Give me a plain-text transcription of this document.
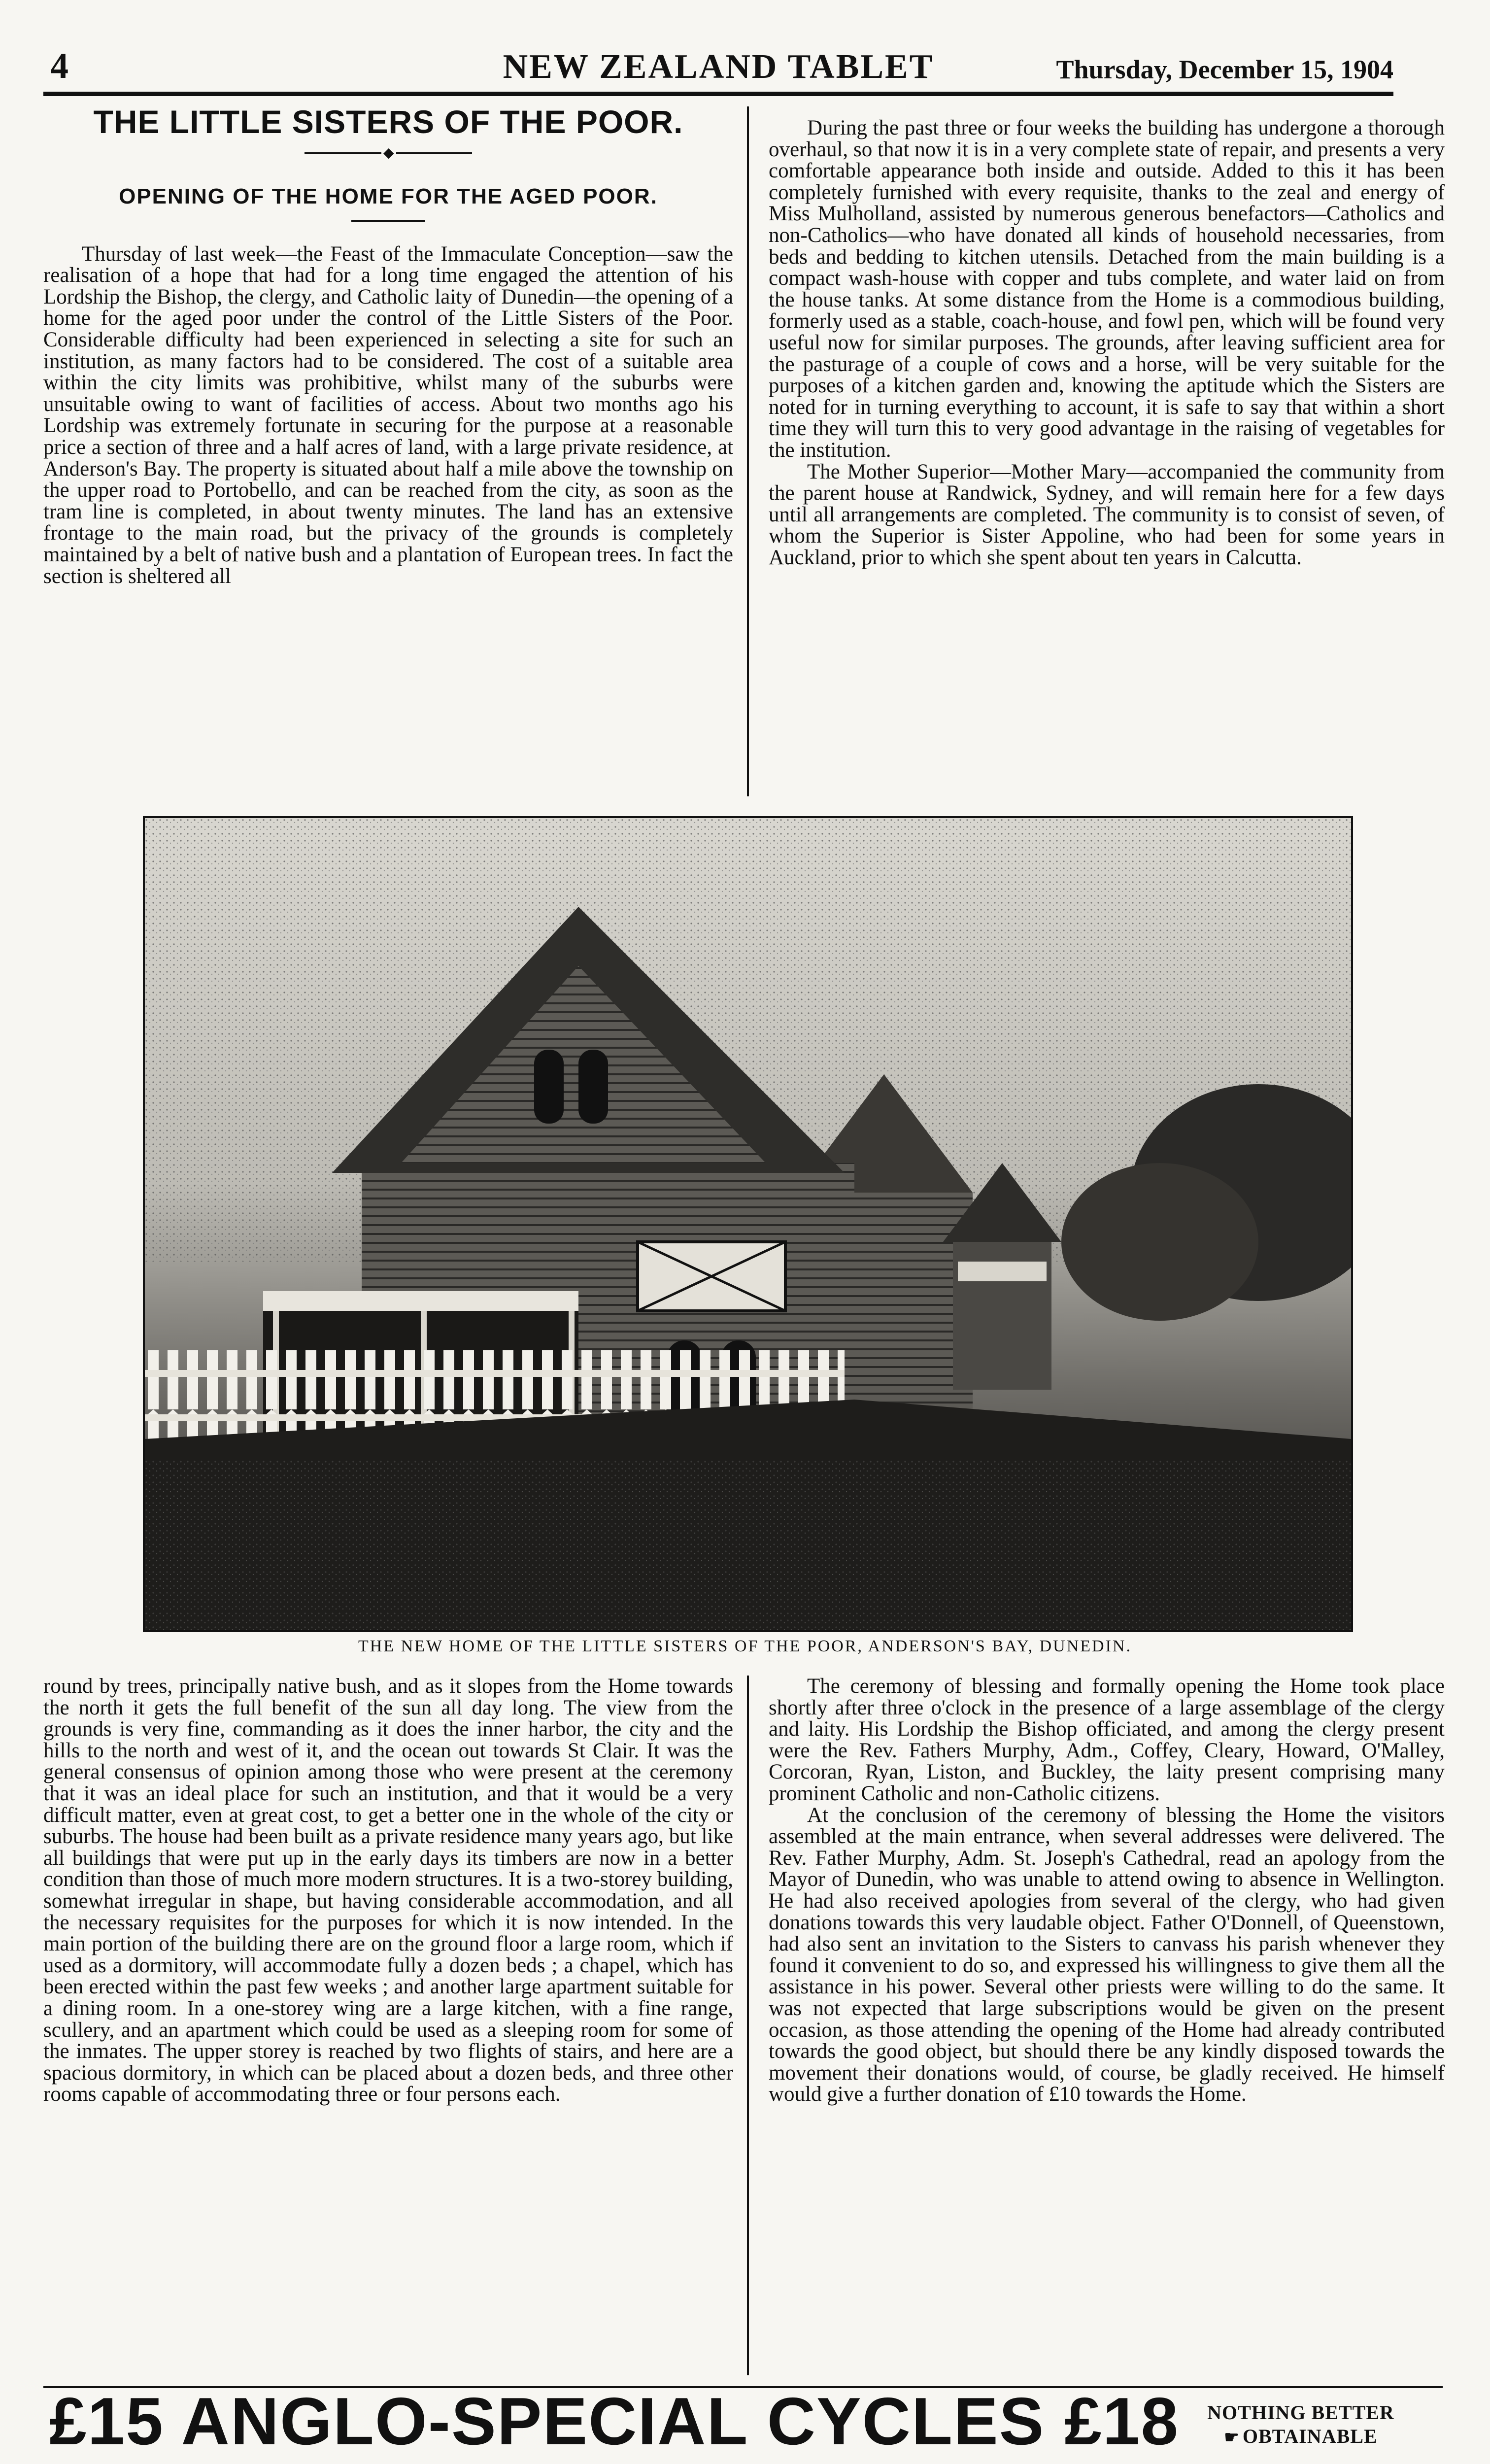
4	NEW ZEALAND TABLET	Thursday, December 15, 1904
THE LITTLE SISTERS OF THE POOR.
◆
OPENING OF THE HOME FOR THE AGED POOR.

Thursday of last week—the Feast of the Immaculate Conception—saw the realisation of a hope that had for a long time engaged the attention of his Lordship the Bishop, the clergy, and Catholic laity of Dunedin—the opening of a home for the aged poor under the control of the Little Sisters of the Poor. Considerable difficulty had been experienced in selecting a site for such an institution, as many factors had to be considered. The cost of a suitable area within the city limits was prohibitive, whilst many of the suburbs were unsuitable owing to want of facilities of access. About two months ago his Lordship was extremely fortunate in securing for the purpose at a reasonable price a section of three and a half acres of land, with a large private residence, at Anderson's Bay. The property is situated about half a mile above the township on the upper road to Portobello, and can be reached from the city, as soon as the tram line is completed, in about twenty minutes. The land has an extensive frontage to the main road, but the privacy of the grounds is completely maintained by a belt of native bush and a plantation of European trees. In fact the section is sheltered all

During the past three or four weeks the building has undergone a thorough overhaul, so that now it is in a very complete state of repair, and presents a very comfortable appearance both inside and outside. Added to this it has been completely furnished with every requisite, thanks to the zeal and energy of Miss Mulholland, assisted by numerous generous benefactors—Catholics and non-Catholics—who have donated all kinds of household necessaries, from beds and bedding to kitchen utensils. Detached from the main building is a compact wash-house with copper and tubs complete, and water laid on from the house tanks. At some distance from the Home is a commodious building, formerly used as a stable, coach-house, and fowl pen, which will be found very useful now for similar purposes. The grounds, after leaving sufficient area for the pasturage of a couple of cows and a horse, will be very suitable for the purposes of a kitchen garden and, knowing the aptitude which the Sisters are noted for in turning everything to account, it is safe to say that within a short time they will turn this to very good advantage in the raising of vegetables for the institution.

The Mother Superior—Mother Mary—accompanied the community from the parent house at Randwick, Sydney, and will remain here for a few days until all arrangements are completed. The community is to consist of seven, of whom the Superior is Sister Appoline, who had been for some years in Auckland, prior to which she spent about ten years in Calcutta.

THE NEW HOME OF THE LITTLE SISTERS OF THE POOR, ANDERSON'S BAY, DUNEDIN.

round by trees, principally native bush, and as it slopes from the Home towards the north it gets the full benefit of the sun all day long. The view from the grounds is very fine, commanding as it does the inner harbor, the city and the hills to the north and west of it, and the ocean out towards St Clair. It was the general consensus of opinion among those who were present at the ceremony that it was an ideal place for such an institution, and that it would be a very difficult matter, even at great cost, to get a better one in the whole of the city or suburbs. The house had been built as a private residence many years ago, but like all buildings that were put up in the early days its timbers are now in a better condition than those of much more modern structures. It is a two-storey building, somewhat irregular in shape, but having considerable accommodation, and all the necessary requisites for the purposes for which it is now intended. In the main portion of the building there are on the ground floor a large room, which if used as a dormitory, will accommodate fully a dozen beds ; a chapel, which has been erected within the past few weeks ; and another large apartment suitable for a dining room. In a one-storey wing are a large kitchen, with a fine range, scullery, and an apartment which could be used as a sleeping room for some of the inmates. The upper storey is reached by two flights of stairs, and here are a spacious dormitory, in which can be placed about a dozen beds, and three other rooms capable of accommodating three or four persons each.

The ceremony of blessing and formally opening the Home took place shortly after three o'clock in the presence of a large assemblage of the clergy and laity. His Lordship the Bishop officiated, and among the clergy present were the Rev. Fathers Murphy, Adm., Coffey, Cleary, Howard, O'Malley, Corcoran, Ryan, Liston, and Buckley, the laity present comprising many prominent Catholic and non-Catholic citizens.

At the conclusion of the ceremony of blessing the Home the visitors assembled at the main entrance, when several addresses were delivered. The Rev. Father Murphy, Adm. St. Joseph's Cathedral, read an apology from the Mayor of Dunedin, who was unable to attend owing to absence in Wellington. He had also received apologies from several of the clergy, who had given donations towards this very laudable object. Father O'Donnell, of Queenstown, had also sent an invitation to the Sisters to canvass his parish whenever they found it convenient to do so, and expressed his willingness to give them all the assistance in his power. Several other priests were willing to do the same. It was not expected that large subscriptions would be given on the present occasion, as those attending the opening of the Home had already contributed towards the good object, but should there be any kindly disposed towards the movement their donations would, of course, be gladly received. He himself would give a further donation of £10 towards the Home.

£15 ANGLO-SPECIAL CYCLES £18	NOTHING BETTER
☛ OBTAINABLE
